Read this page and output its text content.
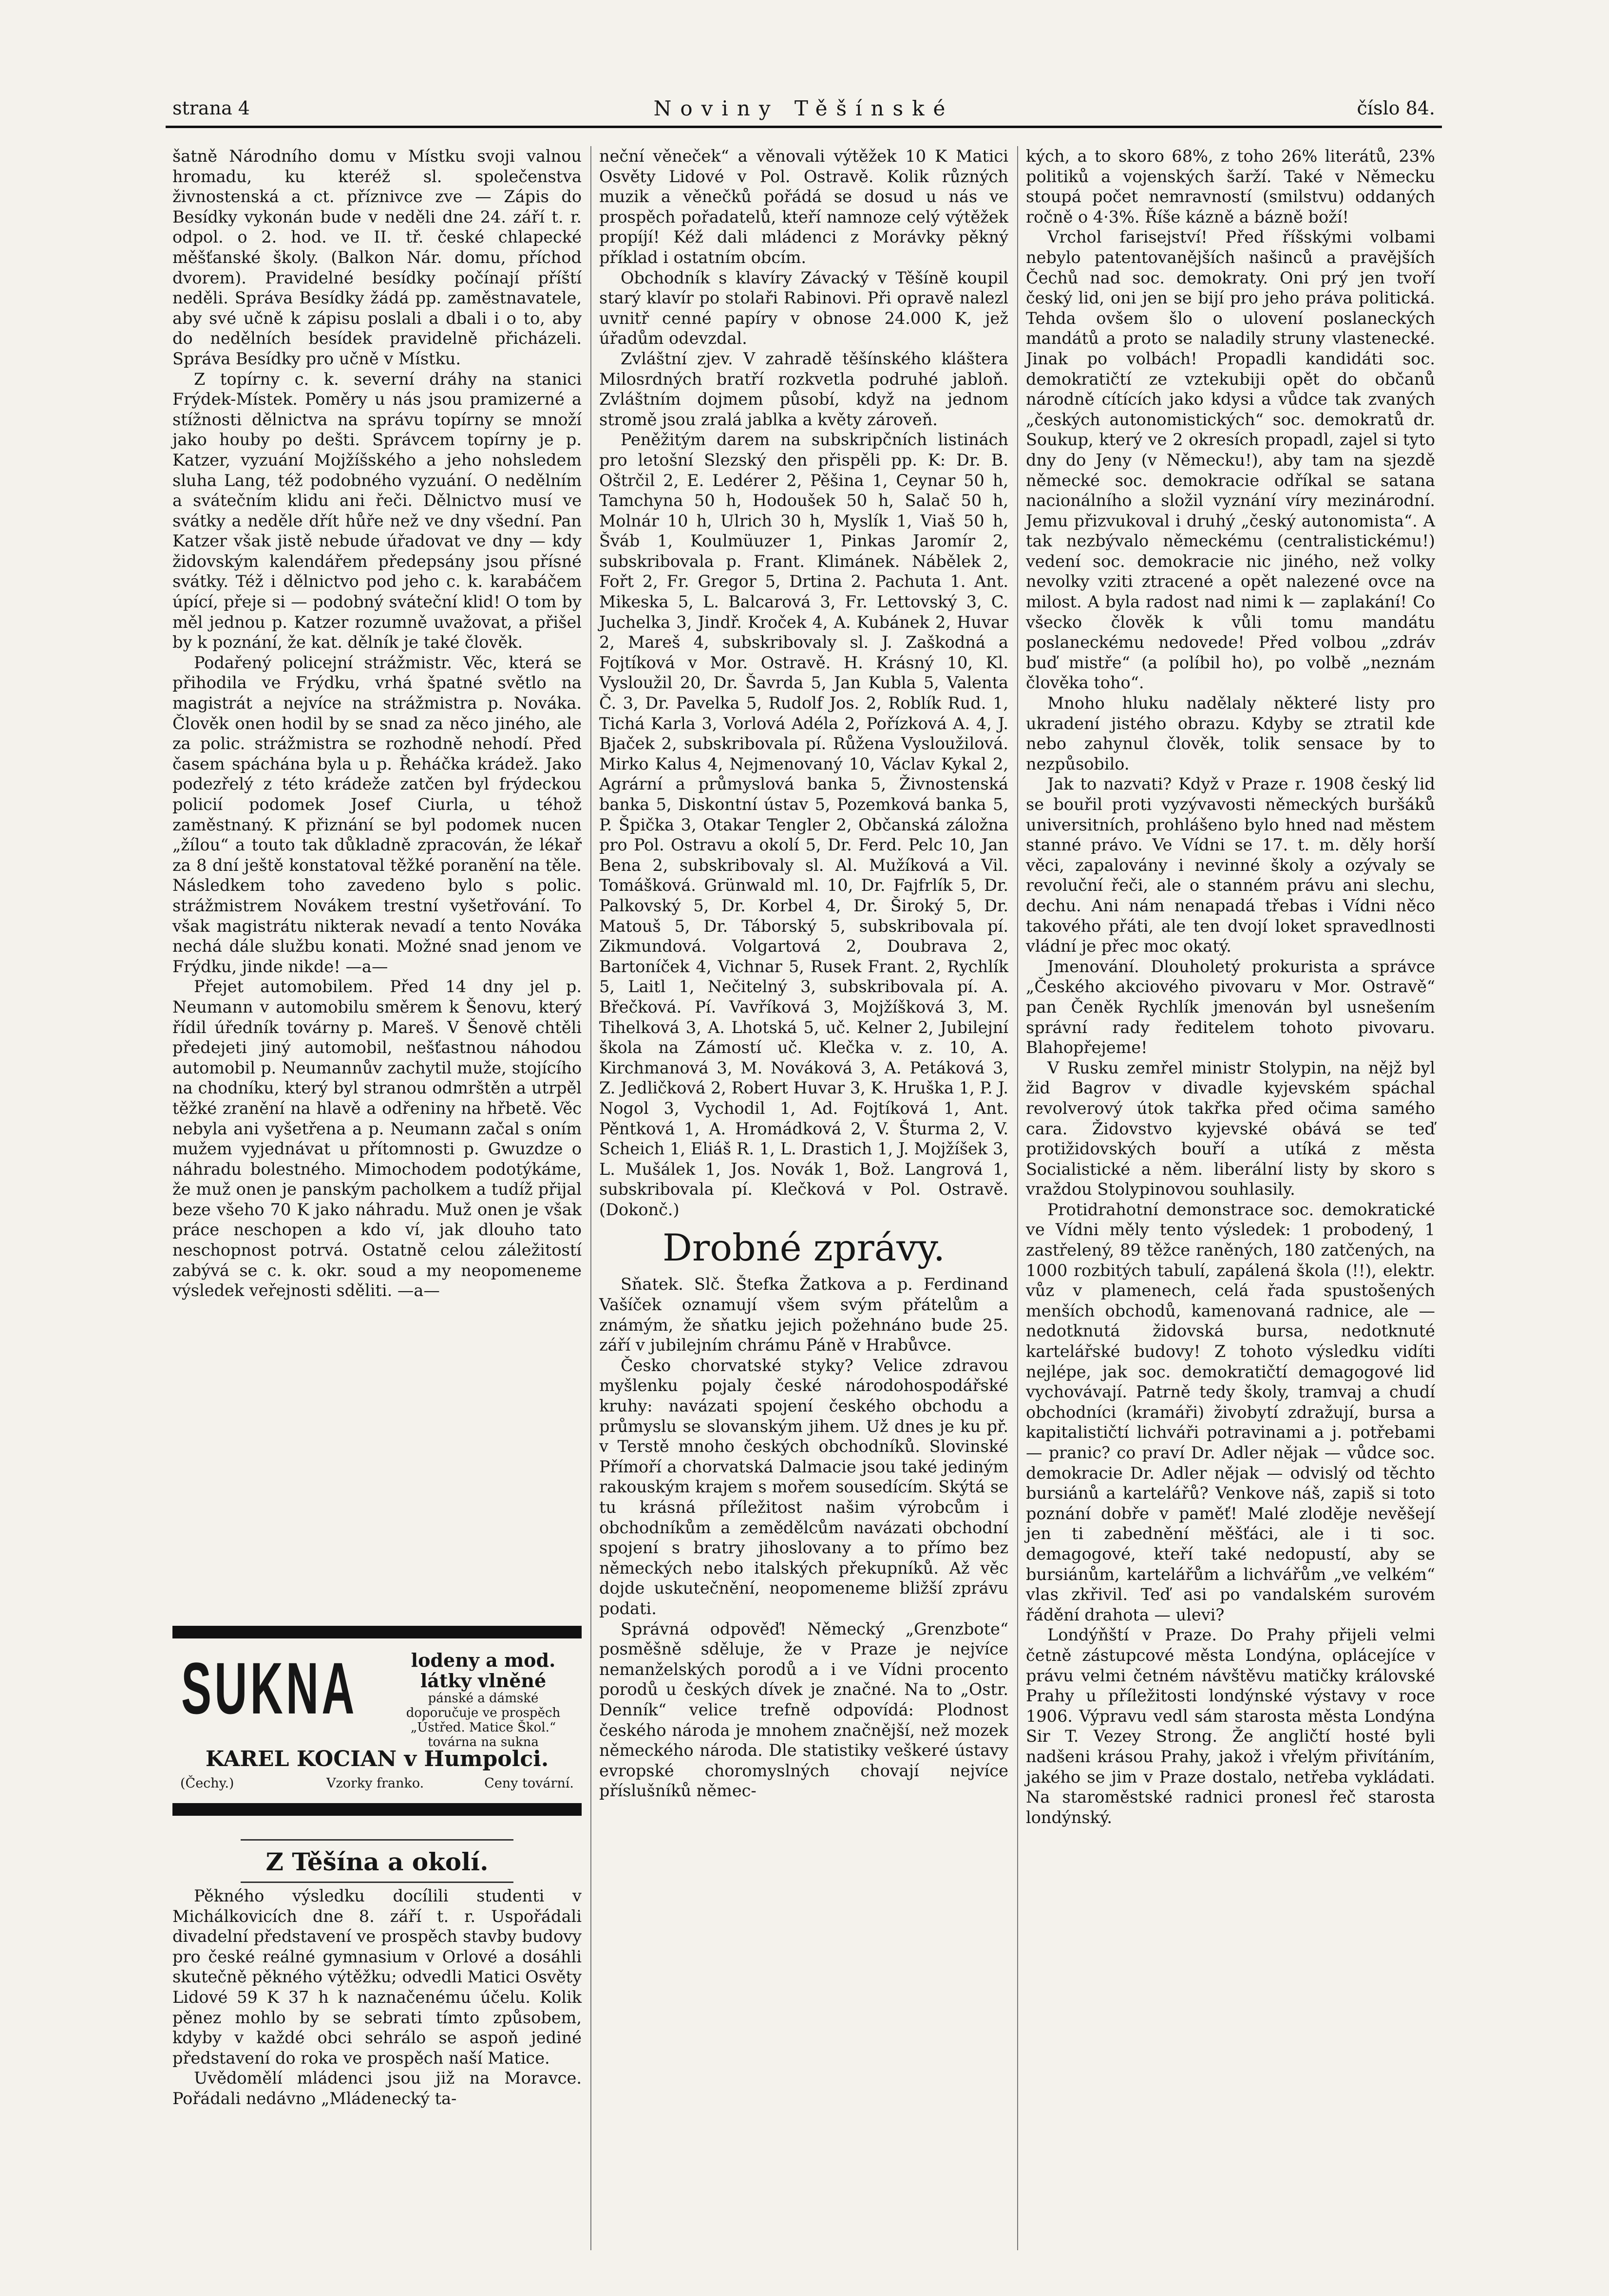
strana 4	Noviny Těšínské	číslo 84.

šatně Národního domu v Místku svoji valnou hromadu, ku kteréž sl. společenstva živnostenská a ct. příznivce zve — Zápis do Besídky vykonán bude v neděli dne 24. září t. r. odpol. o 2. hod. ve II. tř. české chlapecké měšťanské školy. (Balkon Nár. domu, příchod dvorem). Pravidelné besídky počínají příští neděli. Správa Besídky žádá pp. zaměstnavatele, aby své učně k zápisu poslali a dbali i o to, aby do nedělních besídek pravidelně přicházeli. Správa Besídky pro učně v Místku.

Z topírny c. k. severní dráhy na stanici Frýdek-Místek. Poměry u nás jsou pramizerné a stížnosti dělnictva na správu topírny se množí jako houby po dešti. Správcem topírny je p. Katzer, vyzuání Mojžíšského a jeho nohsledem sluha Lang, též podobného vyzuání. O nedělním a svátečním klidu ani řeči. Dělnictvo musí ve svátky a neděle dřít hůře než ve dny všední. Pan Katzer však jistě nebude úřadovat ve dny — kdy židovským kalendářem předepsány jsou přísné svátky. Též i dělnictvo pod jeho c. k. karabáčem úpící, přeje si — podobný sváteční klid! O tom by měl jednou p. Katzer rozumně uvažovat, a přišel by k poznání, že kat. dělník je také člověk.

Podařený policejní strážmistr. Věc, která se přihodila ve Frýdku, vrhá špatné světlo na magistrát a nejvíce na strážmistra p. Nováka. Člověk onen hodil by se snad za něco jiného, ale za polic. strážmistra se rozhodně nehodí. Před časem spáchána byla u p. Řeháčka krádež. Jako podezřelý z této krádeže zatčen byl frýdeckou policií podomek Josef Ciurla, u téhož zaměstnaný. K přiznání se byl podomek nucen „žílou“ a touto tak důkladně zpracován, že lékař za 8 dní ještě konstatoval těžké poranění na těle. Následkem toho zavedeno bylo s polic. strážmistrem Novákem trestní vyšetřování. To však magistrátu nikterak nevadí a tento Nováka nechá dále službu konati. Možné snad jenom ve Frýdku, jinde nikde! —a—

Přejet automobilem. Před 14 dny jel p. Neumann v automobilu směrem k Šenovu, který řídil úředník továrny p. Mareš. V Šenově chtěli předejeti jiný automobil, nešťastnou náhodou automobil p. Neumannův zachytil muže, stojícího na chodníku, který byl stranou odmrštěn a utrpěl těžké zranění na hlavě a odřeniny na hřbetě. Věc nebyla ani vyšetřena a p. Neumann začal s oním mužem vyjednávat u přítomnosti p. Gwuzdze o náhradu bolestného. Mimochodem podotýkáme, že muž onen je panským pacholkem a tudíž přijal beze všeho 70 K jako náhradu. Muž onen je však práce neschopen a kdo ví, jak dlouho tato neschopnost potrvá. Ostatně celou záležitostí zabývá se c. k. okr. soud a my neopomeneme výsledek veřejnosti sděliti. —a—

SUKNA	lodeny a mod. látky vlněné
pánské a dámské
doporučuje ve prospěch „Ústřed. Matice Škol.“
továrna na sukna
KAREL KOCIAN v Humpolci.
(Čechy.)	Vzorky franko.	Ceny tovární.
Z Těšína a okolí.

Pěkného výsledku docílili studenti v Michálkovicích dne 8. září t. r. Uspořádali divadelní představení ve prospěch stavby budovy pro české reálné gymnasium v Orlové a dosáhli skutečně pěkného výtěžku; odvedli Matici Osvěty Lidové 59 K 37 h k naznačenému účelu. Kolik pěnez mohlo by se sebrati tímto způsobem, kdyby v každé obci sehrálo se aspoň jediné představení do roka ve prospěch naší Matice.

Uvědomělí mládenci jsou již na Moravce. Pořádali nedávno „Mládenecký ta-

neční věneček“ a věnovali výtěžek 10 K Matici Osvěty Lidové v Pol. Ostravě. Kolik různých muzik a věnečků pořádá se dosud u nás ve prospěch pořadatelů, kteří namnoze celý výtěžek propíjí! Kéž dali mládenci z Morávky pěkný příklad i ostatním obcím.

Obchodník s klavíry Závacký v Těšíně koupil starý klavír po stolaři Rabinovi. Při opravě nalezl uvnitř cenné papíry v obnose 24.000 K, jež úřadům odevzdal.

Zvláštní zjev. V zahradě těšínského kláštera Milosrdných bratří rozkvetla podruhé jabloň. Zvláštním dojmem působí, když na jednom stromě jsou zralá jablka a květy zároveň.

Peněžitým darem na subskripčních listinách pro letošní Slezský den přispěli pp. K: Dr. B. Oštrčil 2, E. Ledérer 2, Pěšina 1, Ceynar 50 h, Tamchyna 50 h, Hodoušek 50 h, Salač 50 h, Molnár 10 h, Ulrich 30 h, Myslík 1, Viaš 50 h, Šváb 1, Koulmüuzer 1, Pinkas Jaromír 2, subskribovala p. Frant. Klimánek. Nábělek 2, Fořt 2, Fr. Gregor 5, Drtina 2. Pachuta 1. Ant. Mikeska 5, L. Balcarová 3, Fr. Lettovský 3, C. Juchelka 3, Jindř. Kroček 4, A. Kubánek 2, Huvar 2, Mareš 4, subskribovaly sl. J. Zaškodná a Fojtíková v Mor. Ostravě. H. Krásný 10, Kl. Vysloužil 20, Dr. Šavrda 5, Jan Kubla 5, Valenta Č. 3, Dr. Pavelka 5, Rudolf Jos. 2, Roblík Rud. 1, Tichá Karla 3, Vorlová Adéla 2, Pořízková A. 4, J. Bjaček 2, subskribovala pí. Růžena Vysloužilová. Mirko Kalus 4, Nejmenovaný 10, Václav Kykal 2, Agrární a průmyslová banka 5, Živnostenská banka 5, Diskontní ústav 5, Pozemková banka 5, P. Špička 3, Otakar Tengler 2, Občanská záložna pro Pol. Ostravu a okolí 5, Dr. Ferd. Pelc 10, Jan Bena 2, subskribovaly sl. Al. Mužíková a Vil. Tomášková. Grünwald ml. 10, Dr. Fajfrlík 5, Dr. Palkovský 5, Dr. Korbel 4, Dr. Široký 5, Dr. Matouš 5, Dr. Táborský 5, subskribovala pí. Zikmundová. Volgartová 2, Doubrava 2, Bartoníček 4, Vichnar 5, Rusek Frant. 2, Rychlík 5, Laitl 1, Nečitelný 3, subskribovala pí. A. Břečková. Pí. Vavříková 3, Mojžíšková 3, M. Tihelková 3, A. Lhotská 5, uč. Kelner 2, Jubilejní škola na Zámostí uč. Klečka v. z. 10, A. Kirchmanová 3, M. Nováková 3, A. Petáková 3, Z. Jedličková 2, Robert Huvar 3, K. Hruška 1, P. J. Nogol 3, Vychodil 1, Ad. Fojtíková 1, Ant. Pěntková 1, A. Hromádková 2, V. Šturma 2, V. Scheich 1, Eliáš R. 1, L. Drastich 1, J. Mojžíšek 3, L. Mušálek 1, Jos. Novák 1, Bož. Langrová 1, subskribovala pí. Klečková v Pol. Ostravě. (Dokonč.)

Drobné zprávy.

Sňatek. Slč. Štefka Žatkova a p. Ferdinand Vašíček oznamují všem svým přátelům a známým, že sňatku jejich požehnáno bude 25. září v jubilejním chrámu Páně v Hrabůvce.

Česko chorvatské styky? Velice zdravou myšlenku pojaly české národohospodářské kruhy: navázati spojení českého obchodu a průmyslu se slovanským jihem. Už dnes je ku př. v Terstě mnoho českých obchodníků. Slovinské Přímoří a chorvatská Dalmacie jsou také jediným rakouským krajem s mořem sousedícím. Skýtá se tu krásná příležitost našim výrobcům i obchodníkům a zemědělcům navázati obchodní spojení s bratry jihoslovany a to přímo bez německých nebo italských překupníků. Až věc dojde uskutečnění, neopomeneme bližší zprávu podati.

Správná odpověď! Německý „Grenzbote“ posměšně sděluje, že v Praze je nejvíce nemanželských porodů a i ve Vídni procento porodů u českých dívek je značné. Na to „Ostr. Denník“ velice trefně odpovídá: Plodnost českého národa je mnohem značnější, než mozek německého národa. Dle statistiky veškeré ústavy evropské choromyslných chovají nejvíce příslušníků němec-

kých, a to skoro 68%, z toho 26% literátů, 23% politiků a vojenských šarží. Také v Německu stoupá počet nemravností (smilstvu) oddaných ročně o 4·3%. Říše kázně a bázně boží!

Vrchol farisejství! Před říšskými volbami nebylo patentovanějších našinců a pravějších Čechů nad soc. demokraty. Oni prý jen tvoří český lid, oni jen se bijí pro jeho práva politická. Tehda ovšem šlo o ulovení poslaneckých mandátů a proto se naladily struny vlastenecké. Jinak po volbách! Propadli kandidáti soc. demokratičtí ze vztekubiji opět do občanů národně cítících jako kdysi a vůdce tak zvaných „českých autonomistických“ soc. demokratů dr. Soukup, který ve 2 okresích propadl, zajel si tyto dny do Jeny (v Německu!), aby tam na sjezdě německé soc. demokracie odříkal se satana nacionálního a složil vyznání víry mezinárodní. Jemu přizvukoval i druhý „český autonomista“. A tak nezbývalo německému (centralistickému!) vedení soc. demokracie nic jiného, než volky nevolky vziti ztracené a opět nalezené ovce na milost. A byla radost nad nimi k — zaplakání! Co všecko člověk k vůli tomu mandátu poslaneckému nedovede! Před volbou „zdráv buď mistře“ (a políbil ho), po volbě „neznám člověka toho“.

Mnoho hluku nadělaly některé listy pro ukradení jistého obrazu. Kdyby se ztratil kde nebo zahynul člověk, tolik sensace by to nezpůsobilo.

Jak to nazvati? Když v Praze r. 1908 český lid se bouřil proti vyzývavosti německých buršáků universitních, prohlášeno bylo hned nad městem stanné právo. Ve Vídni se 17. t. m. děly horší věci, zapalovány i nevinné školy a ozývaly se revoluční řeči, ale o stanném právu ani slechu, dechu. Ani nám nenapadá třebas i Vídni něco takového přáti, ale ten dvojí loket spravedlnosti vládní je přec moc okatý.

Jmenování. Dlouholetý prokurista a správce „Českého akciového pivovaru v Mor. Ostravě“ pan Čeněk Rychlík jmenován byl usnešením správní rady ředitelem tohoto pivovaru. Blahopřejeme!

V Rusku zemřel ministr Stolypin, na nějž byl žid Bagrov v divadle kyjevském spáchal revolverový útok takřka před očima samého cara. Židovstvo kyjevské obává se teď protižidovských bouří a utíká z města Socialistické a něm. liberální listy by skoro s vraždou Stolypinovou souhlasily.

Protidrahotní demonstrace soc. demokratické ve Vídni měly tento výsledek: 1 probodený, 1 zastřelený, 89 těžce raněných, 180 zatčených, na 1000 rozbitých tabulí, zapálená škola (!!), elektr. vůz v plamenech, celá řada spustošených menších obchodů, kamenovaná radnice, ale — nedotknutá židovská bursa, nedotknuté kartelářské budovy! Z tohoto výsledku vidíti nejlépe, jak soc. demokratičtí demagogové lid vychovávají. Patrně tedy školy, tramvaj a chudí obchodníci (kramáři) živobytí zdražují, bursa a kapitalističtí lichváři potravinami a j. potřebami — pranic? co praví Dr. Adler nějak — vůdce soc. demokracie Dr. Adler nějak — odvislý od těchto bursiánů a kartelářů? Venkove náš, zapiš si toto poznání dobře v paměť! Malé zloděje nevěšejí jen ti zabednění měšťáci, ale i ti soc. demagogové, kteří také nedopustí, aby se bursiánům, kartelářům a lichvářům „ve velkém“ vlas zkřivil. Teď asi po vandalském surovém řádění drahota — ulevi?

Londýňští v Praze. Do Prahy přijeli velmi četně zástupcové města Londýna, oplácejíce v právu velmi četném návštěvu matičky královské Prahy u příležitosti londýnské výstavy v roce 1906. Výpravu vedl sám starosta města Londýna Sir T. Vezey Strong. Že angličtí hosté byli nadšeni krásou Prahy, jakož i vřelým přivítáním, jakého se jim v Praze dostalo, netřeba vykládati. Na staroměstské radnici pronesl řeč starosta londýnský.
